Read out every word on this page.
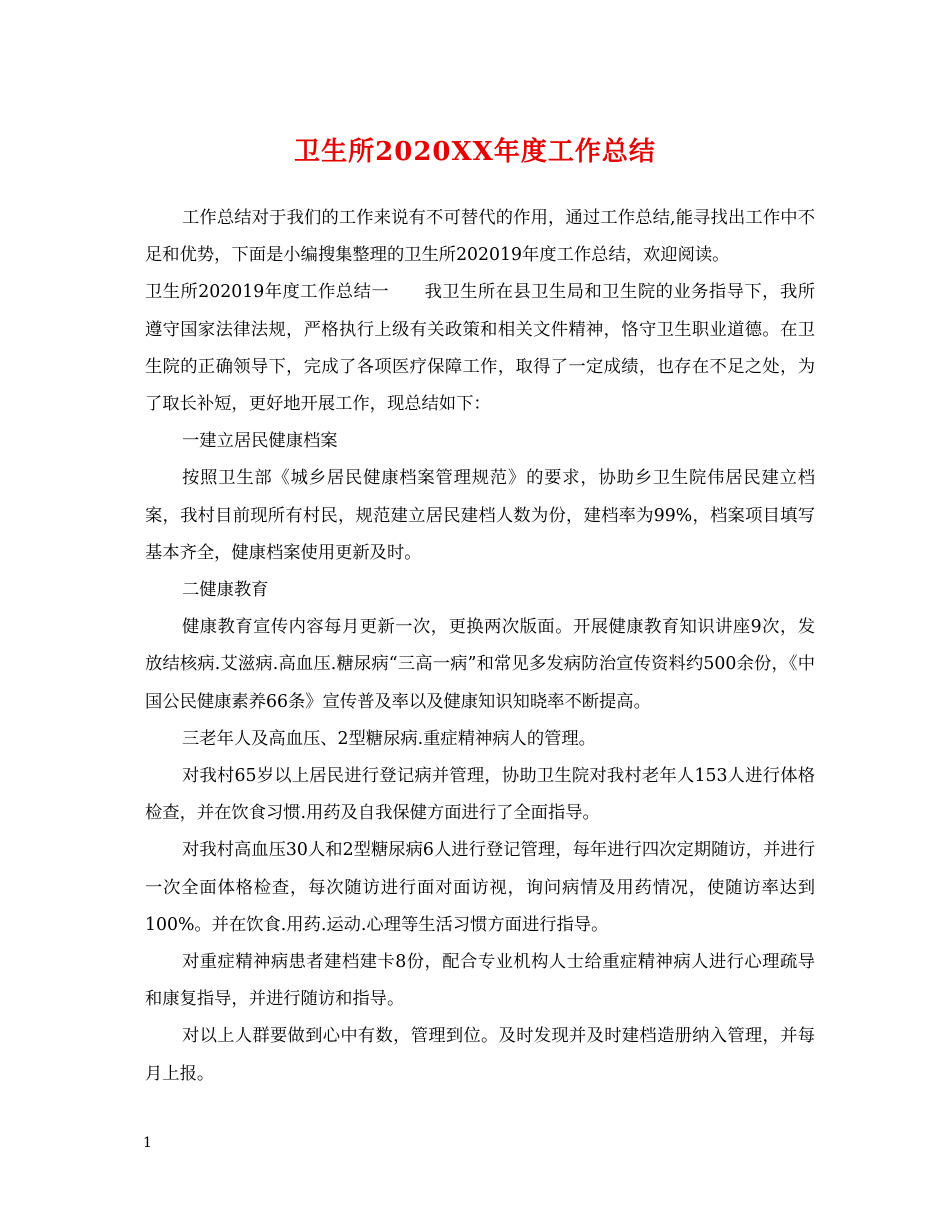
卫生所2020XX年度工作总结

工作总结对于我们的工作来说有不可替代的作用，通过工作总结,能寻找出工作中不足和优势，下面是小编搜集整理的卫生所202019年度工作总结，欢迎阅读。

卫生所202019年度工作总结一　　我卫生所在县卫生局和卫生院的业务指导下，我所遵守国家法律法规，严格执行上级有关政策和相关文件精神，恪守卫生职业道德。在卫生院的正确领导下，完成了各项医疗保障工作，取得了一定成绩，也存在不足之处，为了取长补短，更好地开展工作，现总结如下：

一建立居民健康档案

按照卫生部《城乡居民健康档案管理规范》的要求，协助乡卫生院伟居民建立档案，我村目前现所有村民，规范建立居民建档人数为份，建档率为99%，档案项目填写基本齐全，健康档案使用更新及时。

二健康教育

健康教育宣传内容每月更新一次，更换两次版面。开展健康教育知识讲座9次，发放结核病.艾滋病.高血压.糖尿病“三高一病”和常见多发病防治宣传资料约500余份，《中国公民健康素养66条》宣传普及率以及健康知识知晓率不断提高。

三老年人及高血压、2型糖尿病.重症精神病人的管理。

对我村65岁以上居民进行登记病并管理，协助卫生院对我村老年人153人进行体格检查，并在饮食习惯.用药及自我保健方面进行了全面指导。

对我村高血压30人和2型糖尿病6人进行登记管理，每年进行四次定期随访，并进行一次全面体格检查，每次随访进行面对面访视，询问病情及用药情况，使随访率达到100%。并在饮食.用药.运动.心理等生活习惯方面进行指导。

对重症精神病患者建档建卡8份，配合专业机构人士给重症精神病人进行心理疏导和康复指导，并进行随访和指导。

对以上人群要做到心中有数，管理到位。及时发现并及时建档造册纳入管理，并每月上报。

1
